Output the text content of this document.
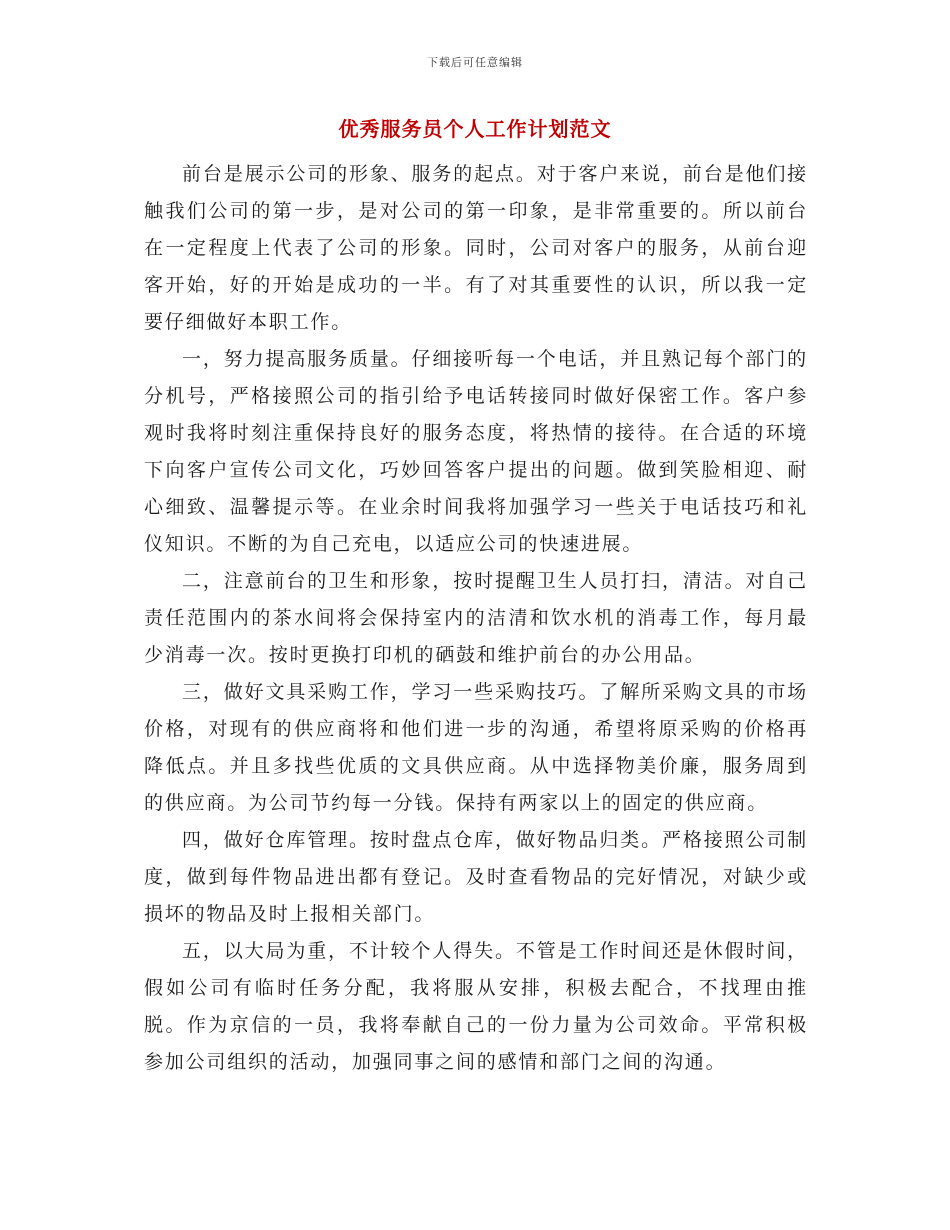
下载后可任意编辑
优秀服务员个人工作计划范文

前台是展示公司的形象、服务的起点。对于客户来说，前台是他们接触我们公司的第一步，是对公司的第一印象，是非常重要的。所以前台在一定程度上代表了公司的形象。同时，公司对客户的服务，从前台迎客开始，好的开始是成功的一半。有了对其重要性的认识，所以我一定要仔细做好本职工作。

一，努力提高服务质量。仔细接听每一个电话，并且熟记每个部门的分机号，严格接照公司的指引给予电话转接同时做好保密工作。客户参观时我将时刻注重保持良好的服务态度，将热情的接待。在合适的环境下向客户宣传公司文化，巧妙回答客户提出的问题。做到笑脸相迎、耐心细致、温馨提示等。在业余时间我将加强学习一些关于电话技巧和礼仪知识。不断的为自己充电，以适应公司的快速进展。

二，注意前台的卫生和形象，按时提醒卫生人员打扫，清洁。对自己责任范围内的茶水间将会保持室内的洁清和饮水机的消毒工作，每月最少消毒一次。按时更换打印机的硒鼓和维护前台的办公用品。

三，做好文具采购工作，学习一些采购技巧。了解所采购文具的市场价格，对现有的供应商将和他们进一步的沟通，希望将原采购的价格再降低点。并且多找些优质的文具供应商。从中选择物美价廉，服务周到的供应商。为公司节约每一分钱。保持有两家以上的固定的供应商。

四，做好仓库管理。按时盘点仓库，做好物品归类。严格接照公司制度，做到每件物品进出都有登记。及时查看物品的完好情况，对缺少或损坏的物品及时上报相关部门。

五，以大局为重，不计较个人得失。不管是工作时间还是休假时间，假如公司有临时任务分配，我将服从安排，积极去配合，不找理由推脱。作为京信的一员，我将奉献自己的一份力量为公司效命。平常积极参加公司组织的活动，加强同事之间的感情和部门之间的沟通。
